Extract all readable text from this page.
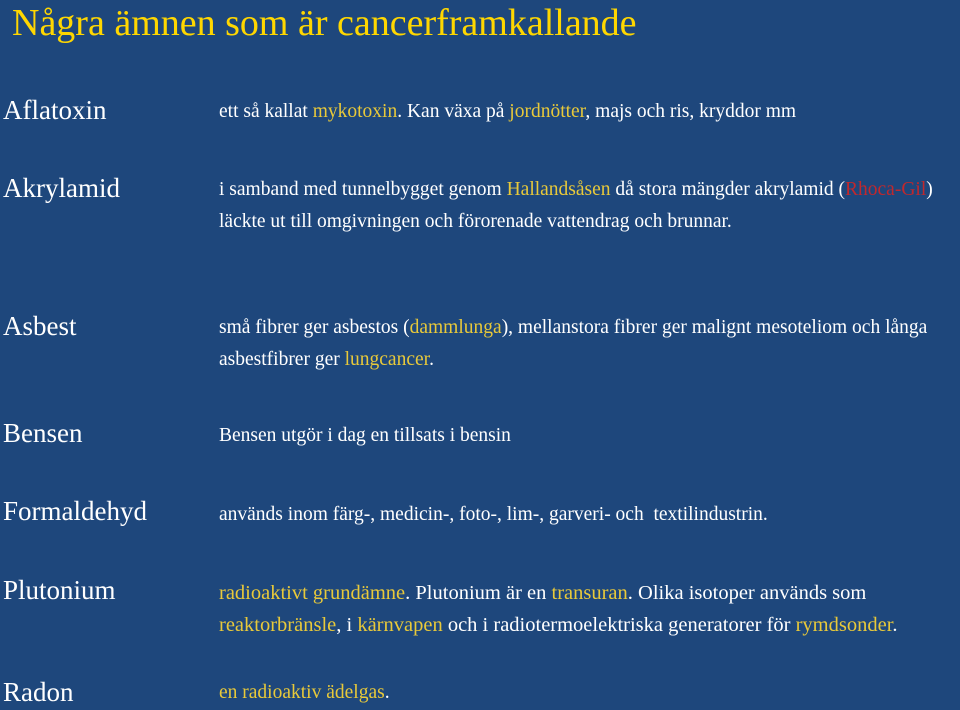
Några ämnen som är cancerframkallande
Aflatoxin	ett så kallat mykotoxin. Kan växa på jordnötter, majs och ris, kryddor mm
Akrylamid	i samband med tunnelbygget genom Hallandsåsen då stora mängder akrylamid (Rhoca-Gil) läckte ut till omgivningen och förorenade vattendrag och brunnar.
Asbest	små fibrer ger asbestos (dammlunga), mellanstora fibrer ger malignt mesoteliom och långa asbestfibrer ger lungcancer.
Bensen	Bensen utgör i dag en tillsats i bensin
Formaldehyd	används inom färg-, medicin-, foto-, lim-, garveri- och  textilindustrin.
Plutonium	radioaktivt grundämne. Plutonium är en transuran. Olika isotoper används som reaktorbränsle, i kärnvapen och i radiotermoelektriska generatorer för rymdsonder.
Radon	en radioaktiv ädelgas.
